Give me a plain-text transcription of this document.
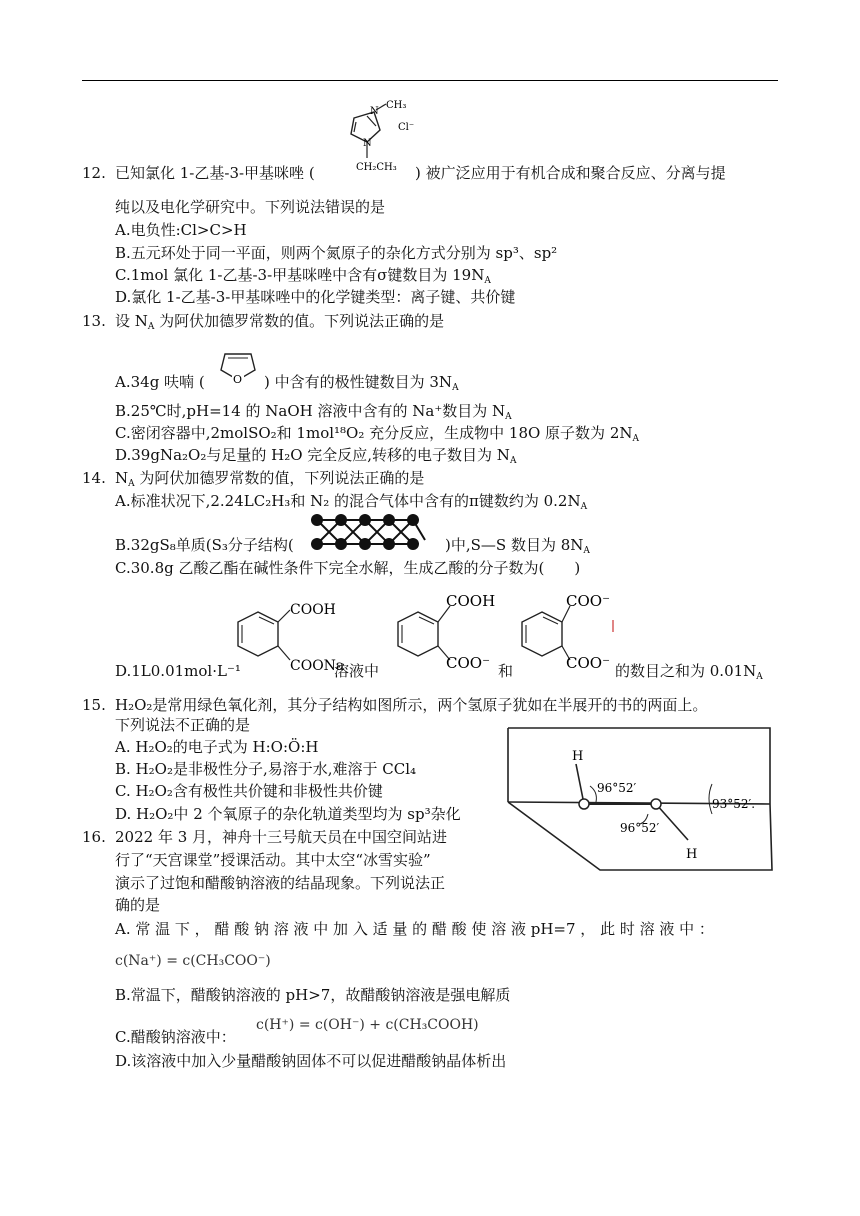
N
CH₃
Cl⁻
N
CH₂CH₃
12. 已知氯化 1-乙基-3-甲基咪唑 (	) 被广泛应用于有机合成和聚合反应、分离与提
纯以及电化学研究中。下列说法错误的是
A.电负性:Cl>C>H
B.五元环处于同一平面，则两个氮原子的杂化方式分别为 sp³、sp²
C.1mol 氯化 1-乙基-3-甲基咪唑中含有σ键数目为 $19N_A$
D.氯化 1-乙基-3-甲基咪唑中的化学键类型：离子键、共价键
13. 设 $N_A$ 为阿伏加德罗常数的值。下列说法正确的是
O
A.34g 呋喃 (	) 中含有的极性键数目为 $3N_A$
B.25℃时,pH=14 的 NaOH 溶液中含有的 Na⁺数目为 $N_A$
C.密闭容器中,2molSO₂和 1mol¹⁸O₂ 充分反应，生成物中 18O 原子数为 $2N_A$
D.39gNa₂O₂与足量的 H₂O 完全反应,转移的电子数目为 $N_A$
14. $N_A$ 为阿伏加德罗常数的值，下列说法正确的是
A.标准状况下,2.24LC₂H₃和 N₂ 的混合气体中含有的π键数约为 $0.2N_A$
B.32gS₈单质(S₃分子结构(	)中,S—S 数目为 $8N_A$
C.30.8g 乙酸乙酯在碱性条件下完全水解，生成乙酸的分子数为(　　)
COOH
COONa
COOH
COO⁻
COO⁻
COO⁻
D.1L0.01mol·L⁻¹	溶液中	和	的数目之和为 $0.01N_A$
15. H₂O₂是常用绿色氧化剂，其分子结构如图所示，两个氢原子犹如在半展开的书的两面上。
下列说法不正确的是
A. H₂O₂的电子式为 H:O:Ö:H
B. H₂O₂是非极性分子,易溶于水,难溶于 CCl₄
C. H₂O₂含有极性共价键和非极性共价键
D. H₂O₂中 2 个氧原子的杂化轨道类型均为 sp³杂化
H
96°52′
96°52′
93°52′.
H
16. 2022 年 3 月，神舟十三号航天员在中国空间站进
行了“天宫课堂”授课活动。其中太空“冰雪实验”
演示了过饱和醋酸钠溶液的结晶现象。下列说法正
确的是
A. 常 温 下 ， 醋 酸 钠 溶 液 中 加 入 适 量 的 醋 酸 使 溶 液 pH=7 ， 此 时 溶 液 中 ：
c(Na⁺) = c(CH₃COO⁻)
B.常温下，醋酸钠溶液的 pH>7，故醋酸钠溶液是强电解质
C.醋酸钠溶液中：
c(H⁺) = c(OH⁻) + c(CH₃COOH)
D.该溶液中加入少量醋酸钠固体不可以促进醋酸钠晶体析出
